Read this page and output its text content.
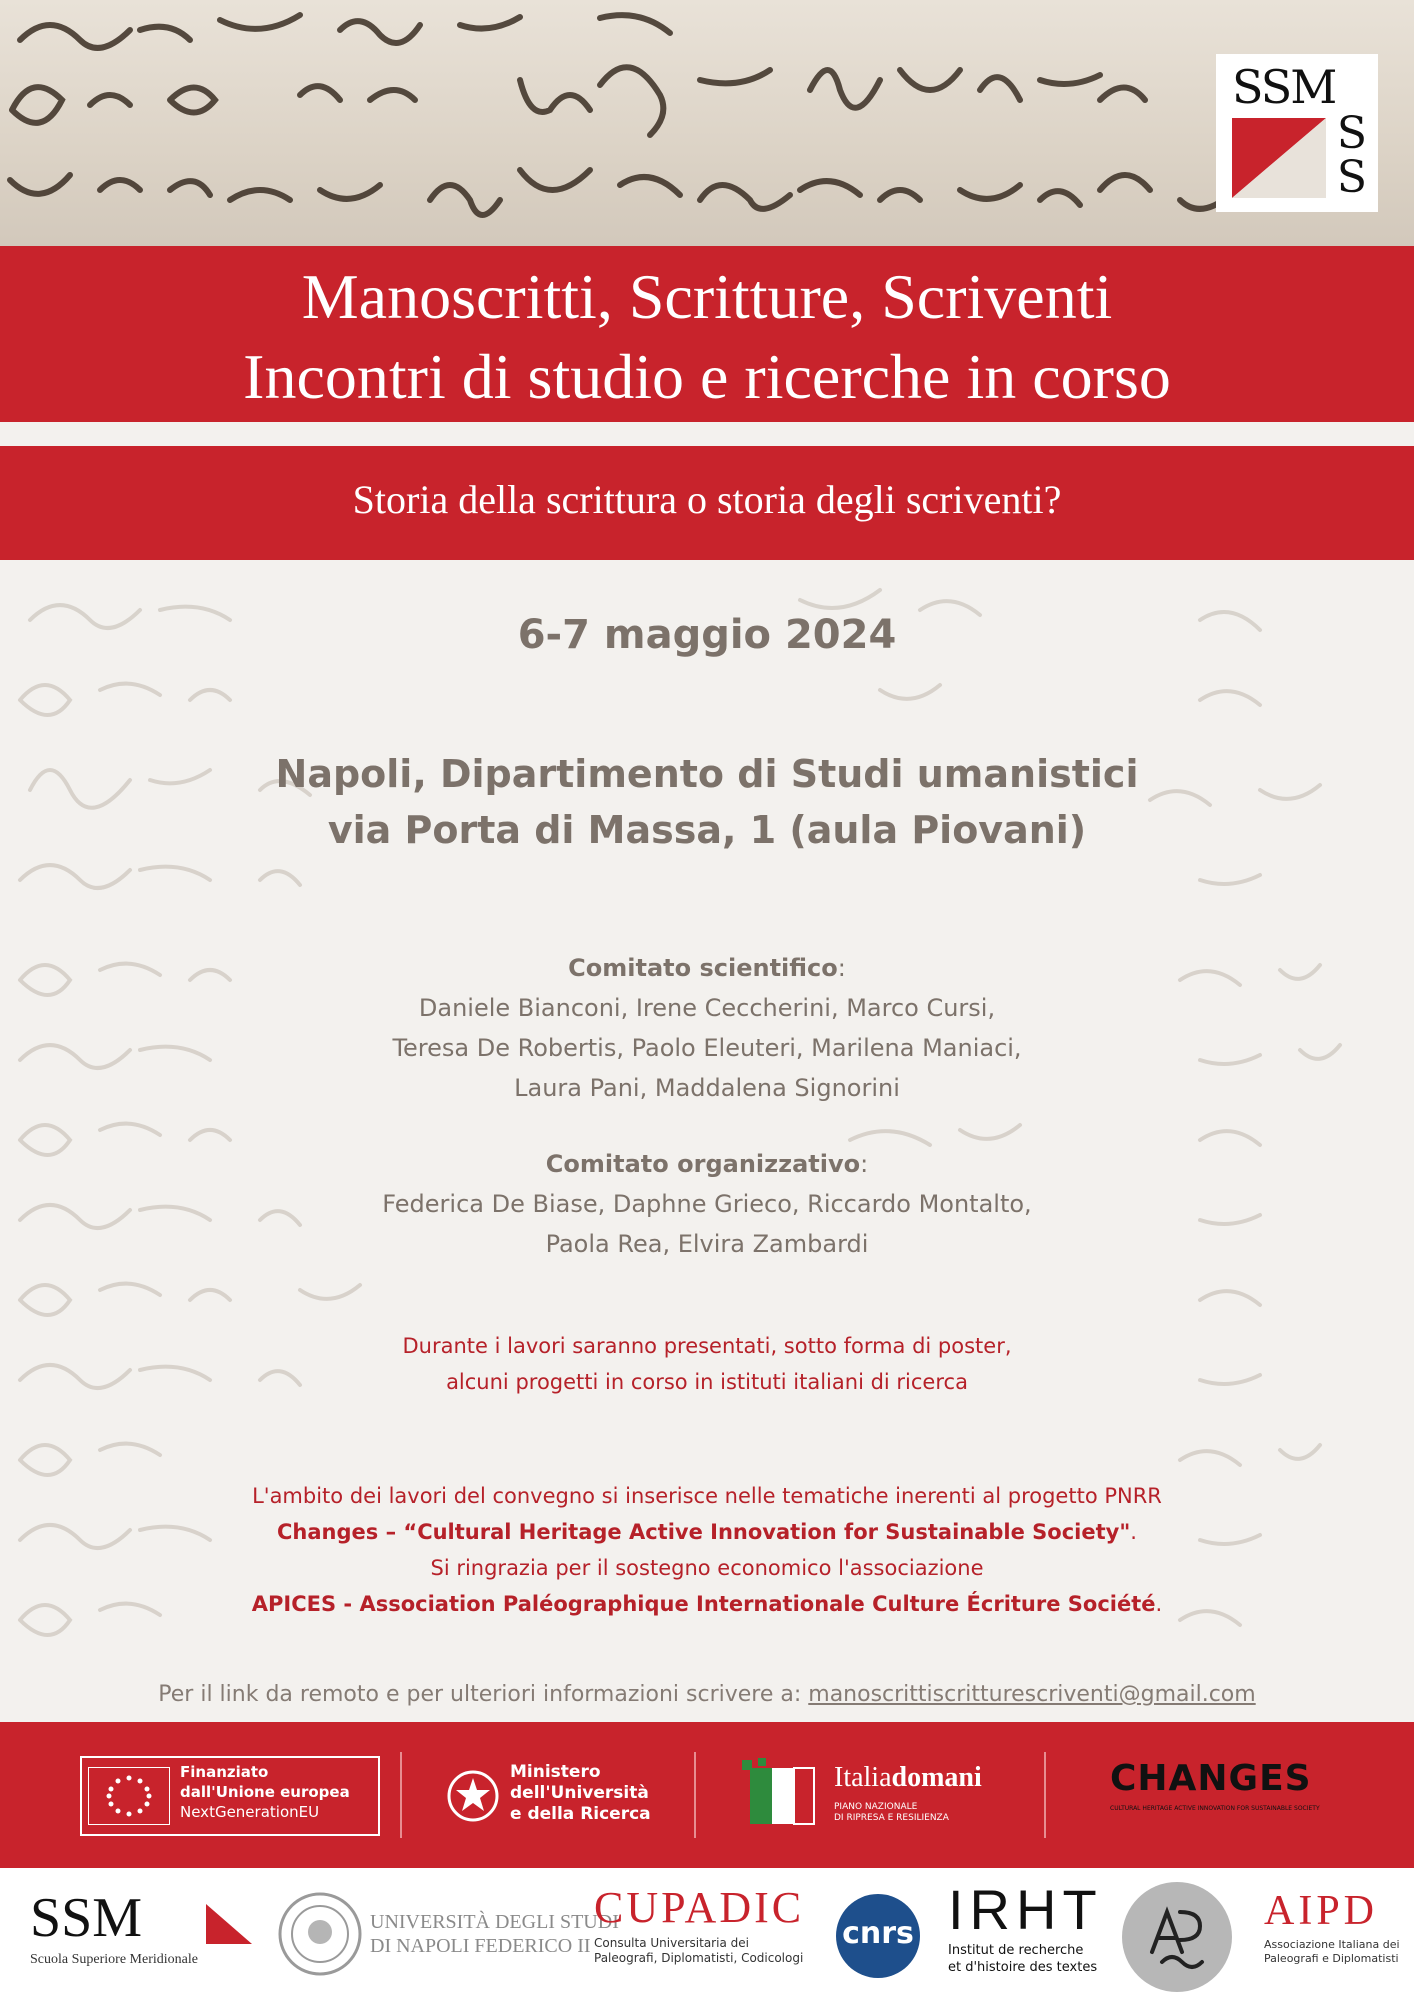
SSM
S
S
Manoscritti, Scritture, Scriventi
Incontri di studio e ricerche in corso
Storia della scrittura o storia degli scriventi?
6-7 maggio 2024
Napoli, Dipartimento di Studi umanistici
via Porta di Massa, 1 (aula Piovani)
Comitato scientifico:
Daniele Bianconi, Irene Ceccherini, Marco Cursi,
Teresa De Robertis, Paolo Eleuteri, Marilena Maniaci,
Laura Pani, Maddalena Signorini
Comitato organizzativo:
Federica De Biase, Daphne Grieco, Riccardo Montalto,
Paola Rea, Elvira Zambardi
Durante i lavori saranno presentati, sotto forma di poster,
alcuni progetti in corso in istituti italiani di ricerca
L'ambito dei lavori del convegno si inserisce nelle tematiche inerenti al progetto PNRR
Changes – “Cultural Heritage Active Innovation for Sustainable Society".
Si ringrazia per il sostegno economico l'associazione
APICES - Association Paléographique Internationale Culture Écriture Société.
Per il link da remoto e per ulteriori informazioni scrivere a: manoscrittiscritturescriventi@gmail.com
Finanziato
dall'Unione europea
NextGenerationEU
Ministero
dell'Università
e della Ricerca
Italiadomani
PIANO NAZIONALE
DI RIPRESA E RESILIENZA
CHANGES
CULTURAL HERITAGE ACTIVE INNOVATION FOR SUSTAINABLE SOCIETY
SSM
Scuola Superiore Meridionale
UNIVERSITÀ DEGLI STUDI
DI NAPOLI FEDERICO II
CUPADIC
Consulta Universitaria dei
Paleografi, Diplomatisti, Codicologi
cnrs IRHT
Institut de recherche
et d'histoire des textes
AIPD
Associazione Italiana dei
Paleografi e Diplomatisti
